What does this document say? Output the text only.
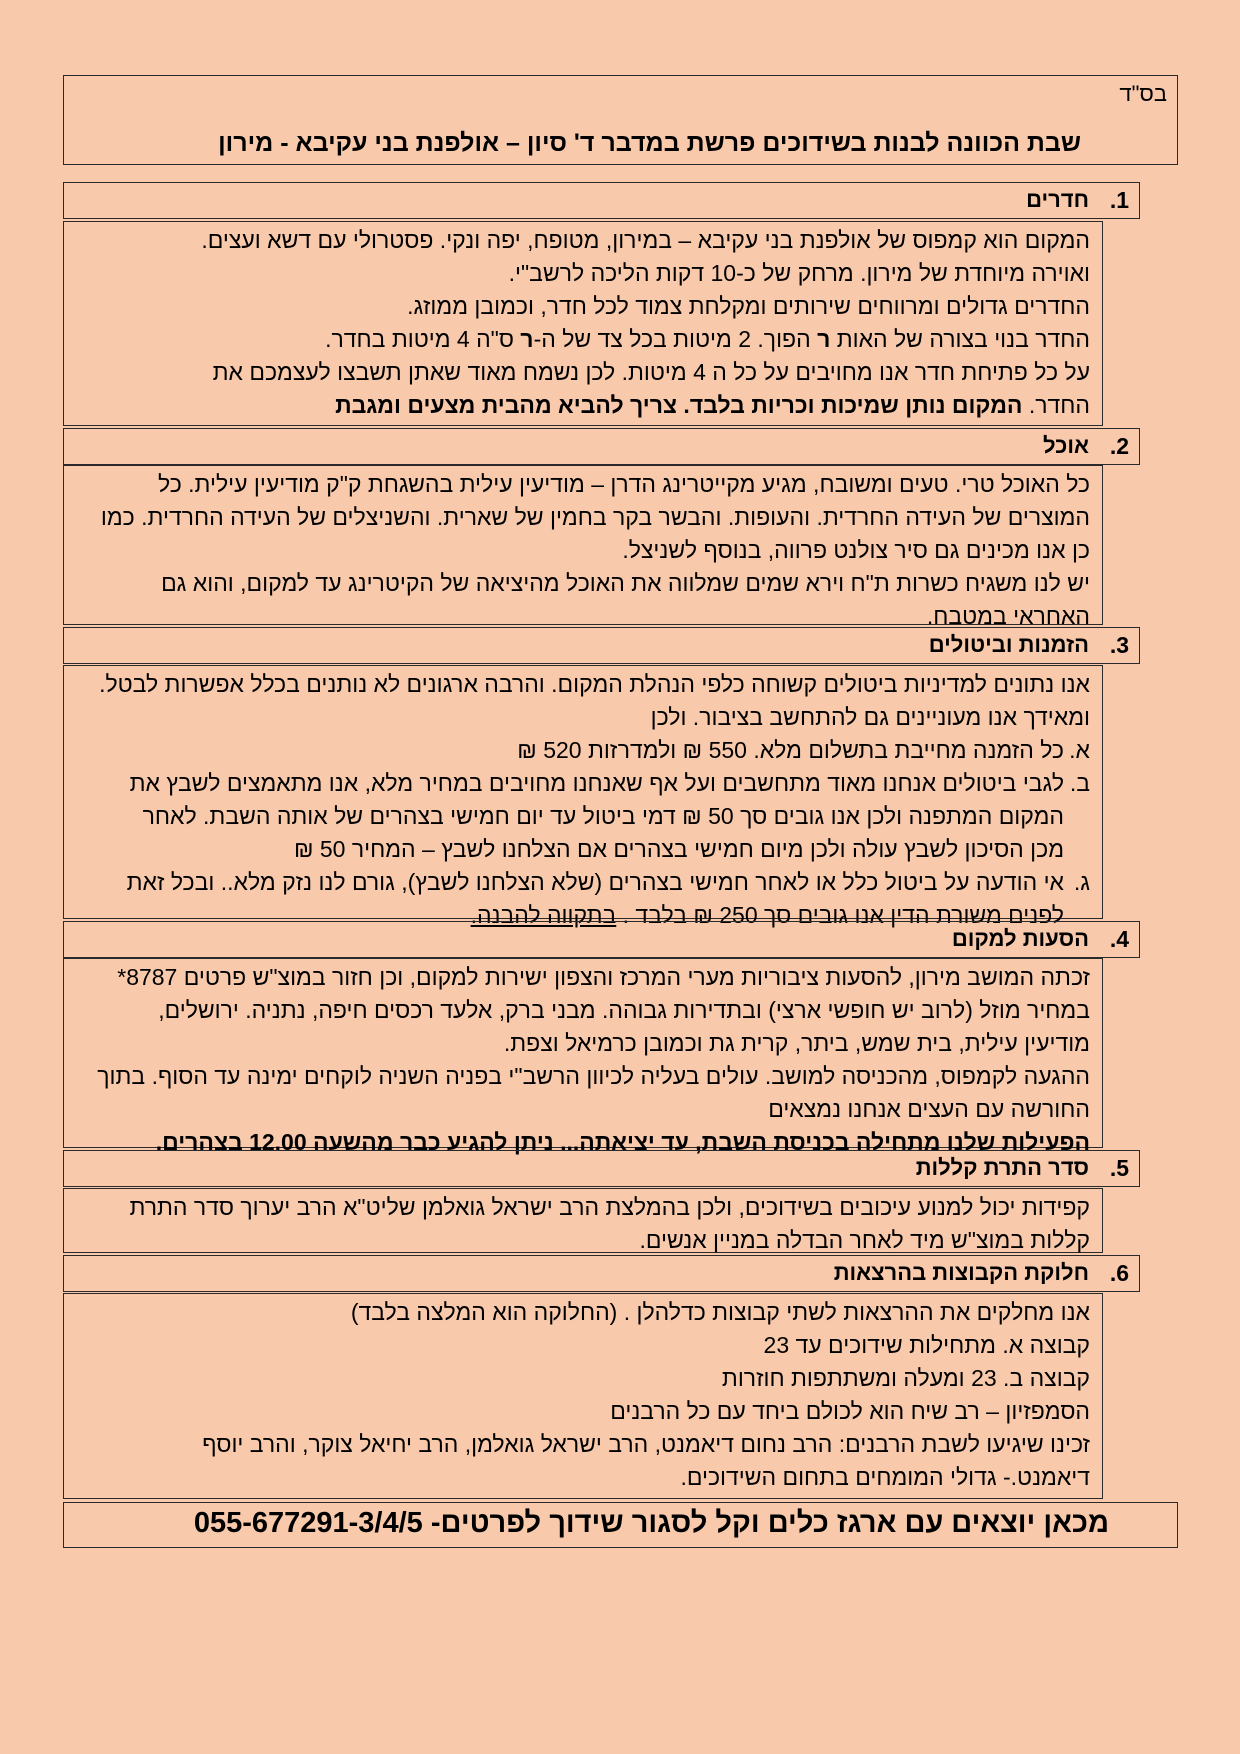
בס"ד
שבת הכוונה לבנות בשידוכים פרשת במדבר ד' סיון – אולפנת בני עקיבא - מירון
1.
חדרים
המקום הוא קמפוס של אולפנת בני עקיבא – במירון, מטופח, יפה ונקי. פסטרולי עם דשא ועצים.
ואוירה מיוחדת של מירון. מרחק של כ-10 דקות הליכה לרשב"י.
החדרים גדולים ומרווחים שירותים ומקלחת צמוד לכל חדר, וכמובן ממוזג.
החדר בנוי בצורה של האות ר הפוך. 2 מיטות בכל צד של ה-ר ס"ה 4 מיטות בחדר.
על כל פתיחת חדר אנו מחויבים על כל ה 4 מיטות. לכן נשמח מאוד שאתן תשבצו לעצמכם את
החדר. המקום נותן שמיכות וכריות בלבד. צריך להביא מהבית מצעים ומגבת
2.
אוכל
כל האוכל טרי. טעים ומשובח, מגיע מקייטרינג הדרן – מודיעין עילית בהשגחת ק"ק מודיעין עילית. כל
המוצרים של העידה החרדית. והעופות. והבשר בקר בחמין של שארית. והשניצלים של העידה החרדית. כמו
כן אנו מכינים גם סיר צולנט פרווה, בנוסף לשניצל.
יש לנו משגיח כשרות ת"ח וירא שמים שמלווה את האוכל מהיציאה של הקיטרינג עד למקום, והוא גם
האחראי במטבח.
3.
הזמנות וביטולים
אנו נתונים למדיניות ביטולים קשוחה כלפי הנהלת המקום. והרבה ארגונים לא נותנים בכלל אפשרות לבטל.
ומאידך אנו מעוניינים גם להתחשב בציבור. ולכן
א.כל הזמנה מחייבת בתשלום מלא. 550 ₪ ולמדרזות 520 ₪
ב.לגבי ביטולים אנחנו מאוד מתחשבים ועל אף שאנחנו מחויבים במחיר מלא, אנו מתאמצים לשבץ את
המקום המתפנה ולכן אנו גובים סך 50 ₪ דמי ביטול עד יום חמישי בצהרים של אותה השבת. לאחר
מכן הסיכון לשבץ עולה ולכן מיום חמישי בצהרים אם הצלחנו לשבץ – המחיר 50 ₪
ג.אי הודעה על ביטול כלל או לאחר חמישי בצהרים (שלא הצלחנו לשבץ), גורם לנו נזק מלא.. ובכל זאת
לפנים משורת הדין אנו גובים סך 250 ₪ בלבד . בתקווה להבנה.
4.
הסעות למקום
זכתה המושב מירון, להסעות ציבוריות מערי המרכז והצפון ישירות למקום, וכן חזור במוצ"ש פרטים 8787*
במחיר מוזל (לרוב יש חופשי ארצי) ובתדירות גבוהה. מבני ברק, אלעד רכסים חיפה, נתניה. ירושלים,
מודיעין עילית, בית שמש, ביתר, קרית גת וכמובן כרמיאל וצפת.
ההגעה לקמפוס, מהכניסה למושב. עולים בעליה לכיוון הרשב"י בפניה השניה לוקחים ימינה עד הסוף. בתוך
החורשה עם העצים אנחנו נמצאים
הפעילות שלנו מתחילה בכניסת השבת, עד יציאתה... ניתן להגיע כבר מהשעה 12.00 בצהרים.
5.
סדר התרת קללות
קפידות יכול למנוע עיכובים בשידוכים, ולכן בהמלצת הרב ישראל גואלמן שליט"א הרב יערוך סדר התרת
קללות במוצ"ש מיד לאחר הבדלה במניין אנשים.
6.
חלוקת הקבוצות בהרצאות
אנו מחלקים את ההרצאות לשתי קבוצות כדלהלן . (החלוקה הוא המלצה בלבד)
קבוצה א. מתחילות שידוכים עד 23
קבוצה ב. 23 ומעלה ומשתתפות חוזרות
הסמפזיון – רב שיח הוא לכולם ביחד עם כל הרבנים
זכינו שיגיעו לשבת הרבנים: הרב נחום דיאמנט, הרב ישראל גואלמן, הרב יחיאל צוקר, והרב יוסף
דיאמנט.- גדולי המומחים בתחום השידוכים.
מכאן יוצאים עם ארגז כלים וקל לסגור שידוך לפרטים- 055-677291-3/4/5
